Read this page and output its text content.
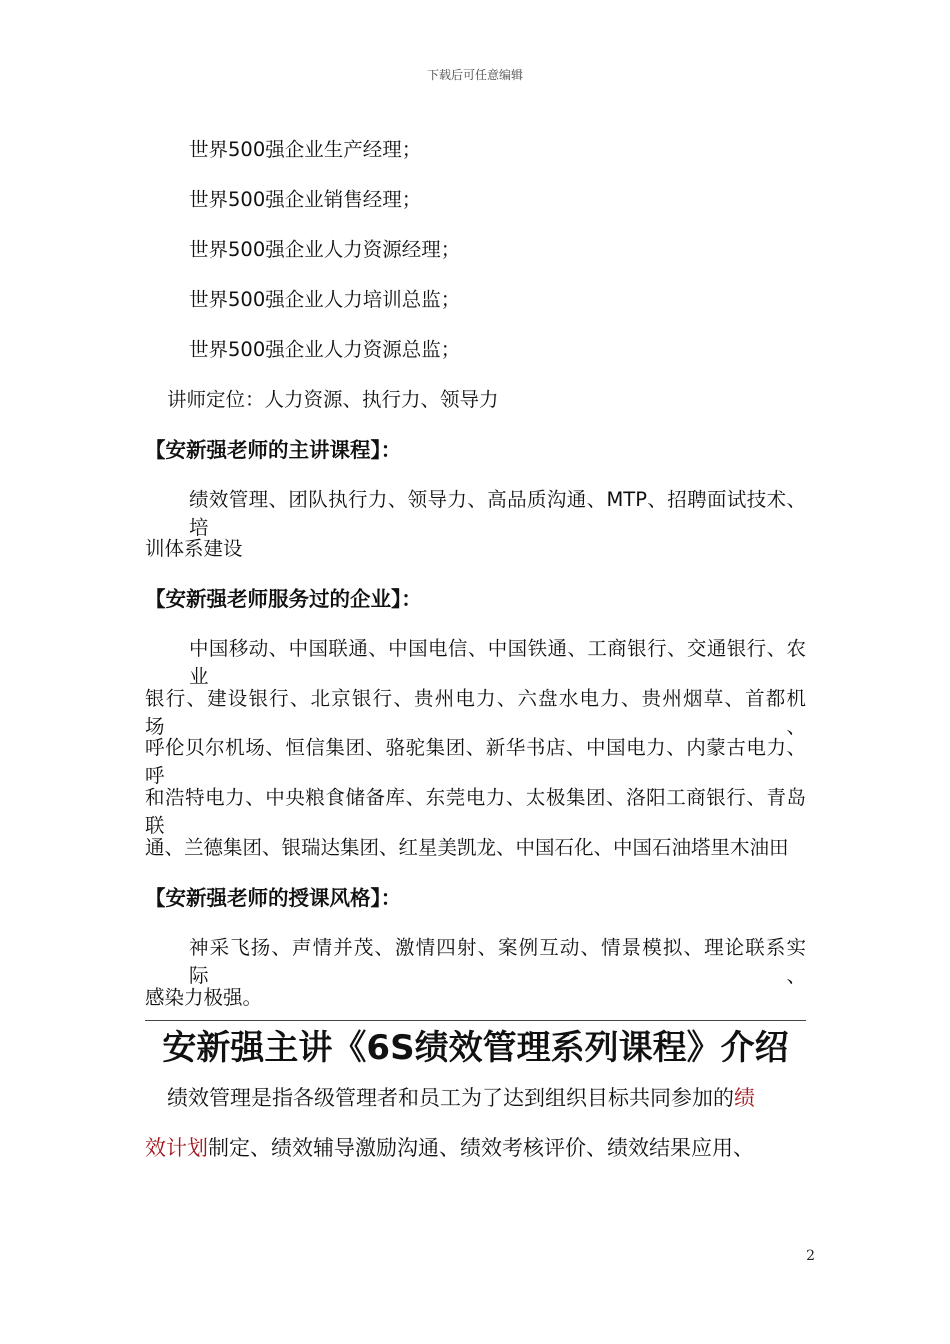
下载后可任意编辑
世界500强企业生产经理；
世界500强企业销售经理；
世界500强企业人力资源经理；
世界500强企业人力培训总监；
世界500强企业人力资源总监；
讲师定位：人力资源、执行力、领导力
【安新强老师的主讲课程】：
绩效管理、团队执行力、领导力、高品质沟通、MTP、招聘面试技术、培
训体系建设
【安新强老师服务过的企业】：
中国移动、中国联通、中国电信、中国铁通、工商银行、交通银行、农业
银行、建设银行、北京银行、贵州电力、六盘水电力、贵州烟草、首都机场、
呼伦贝尔机场、恒信集团、骆驼集团、新华书店、中国电力、内蒙古电力、呼
和浩特电力、中央粮食储备库、东莞电力、太极集团、洛阳工商银行、青岛联
通、兰德集团、银瑞达集团、红星美凯龙、中国石化、中国石油塔里木油田
【安新强老师的授课风格】：
神采飞扬、声情并茂、激情四射、案例互动、情景模拟、理论联系实际、
感染力极强。
安新强主讲《6S绩效管理系列课程》介绍
绩效管理是指各级管理者和员工为了达到组织目标共同参加的绩
效计划制定、绩效辅导激励沟通、绩效考核评价、绩效结果应用、
2
